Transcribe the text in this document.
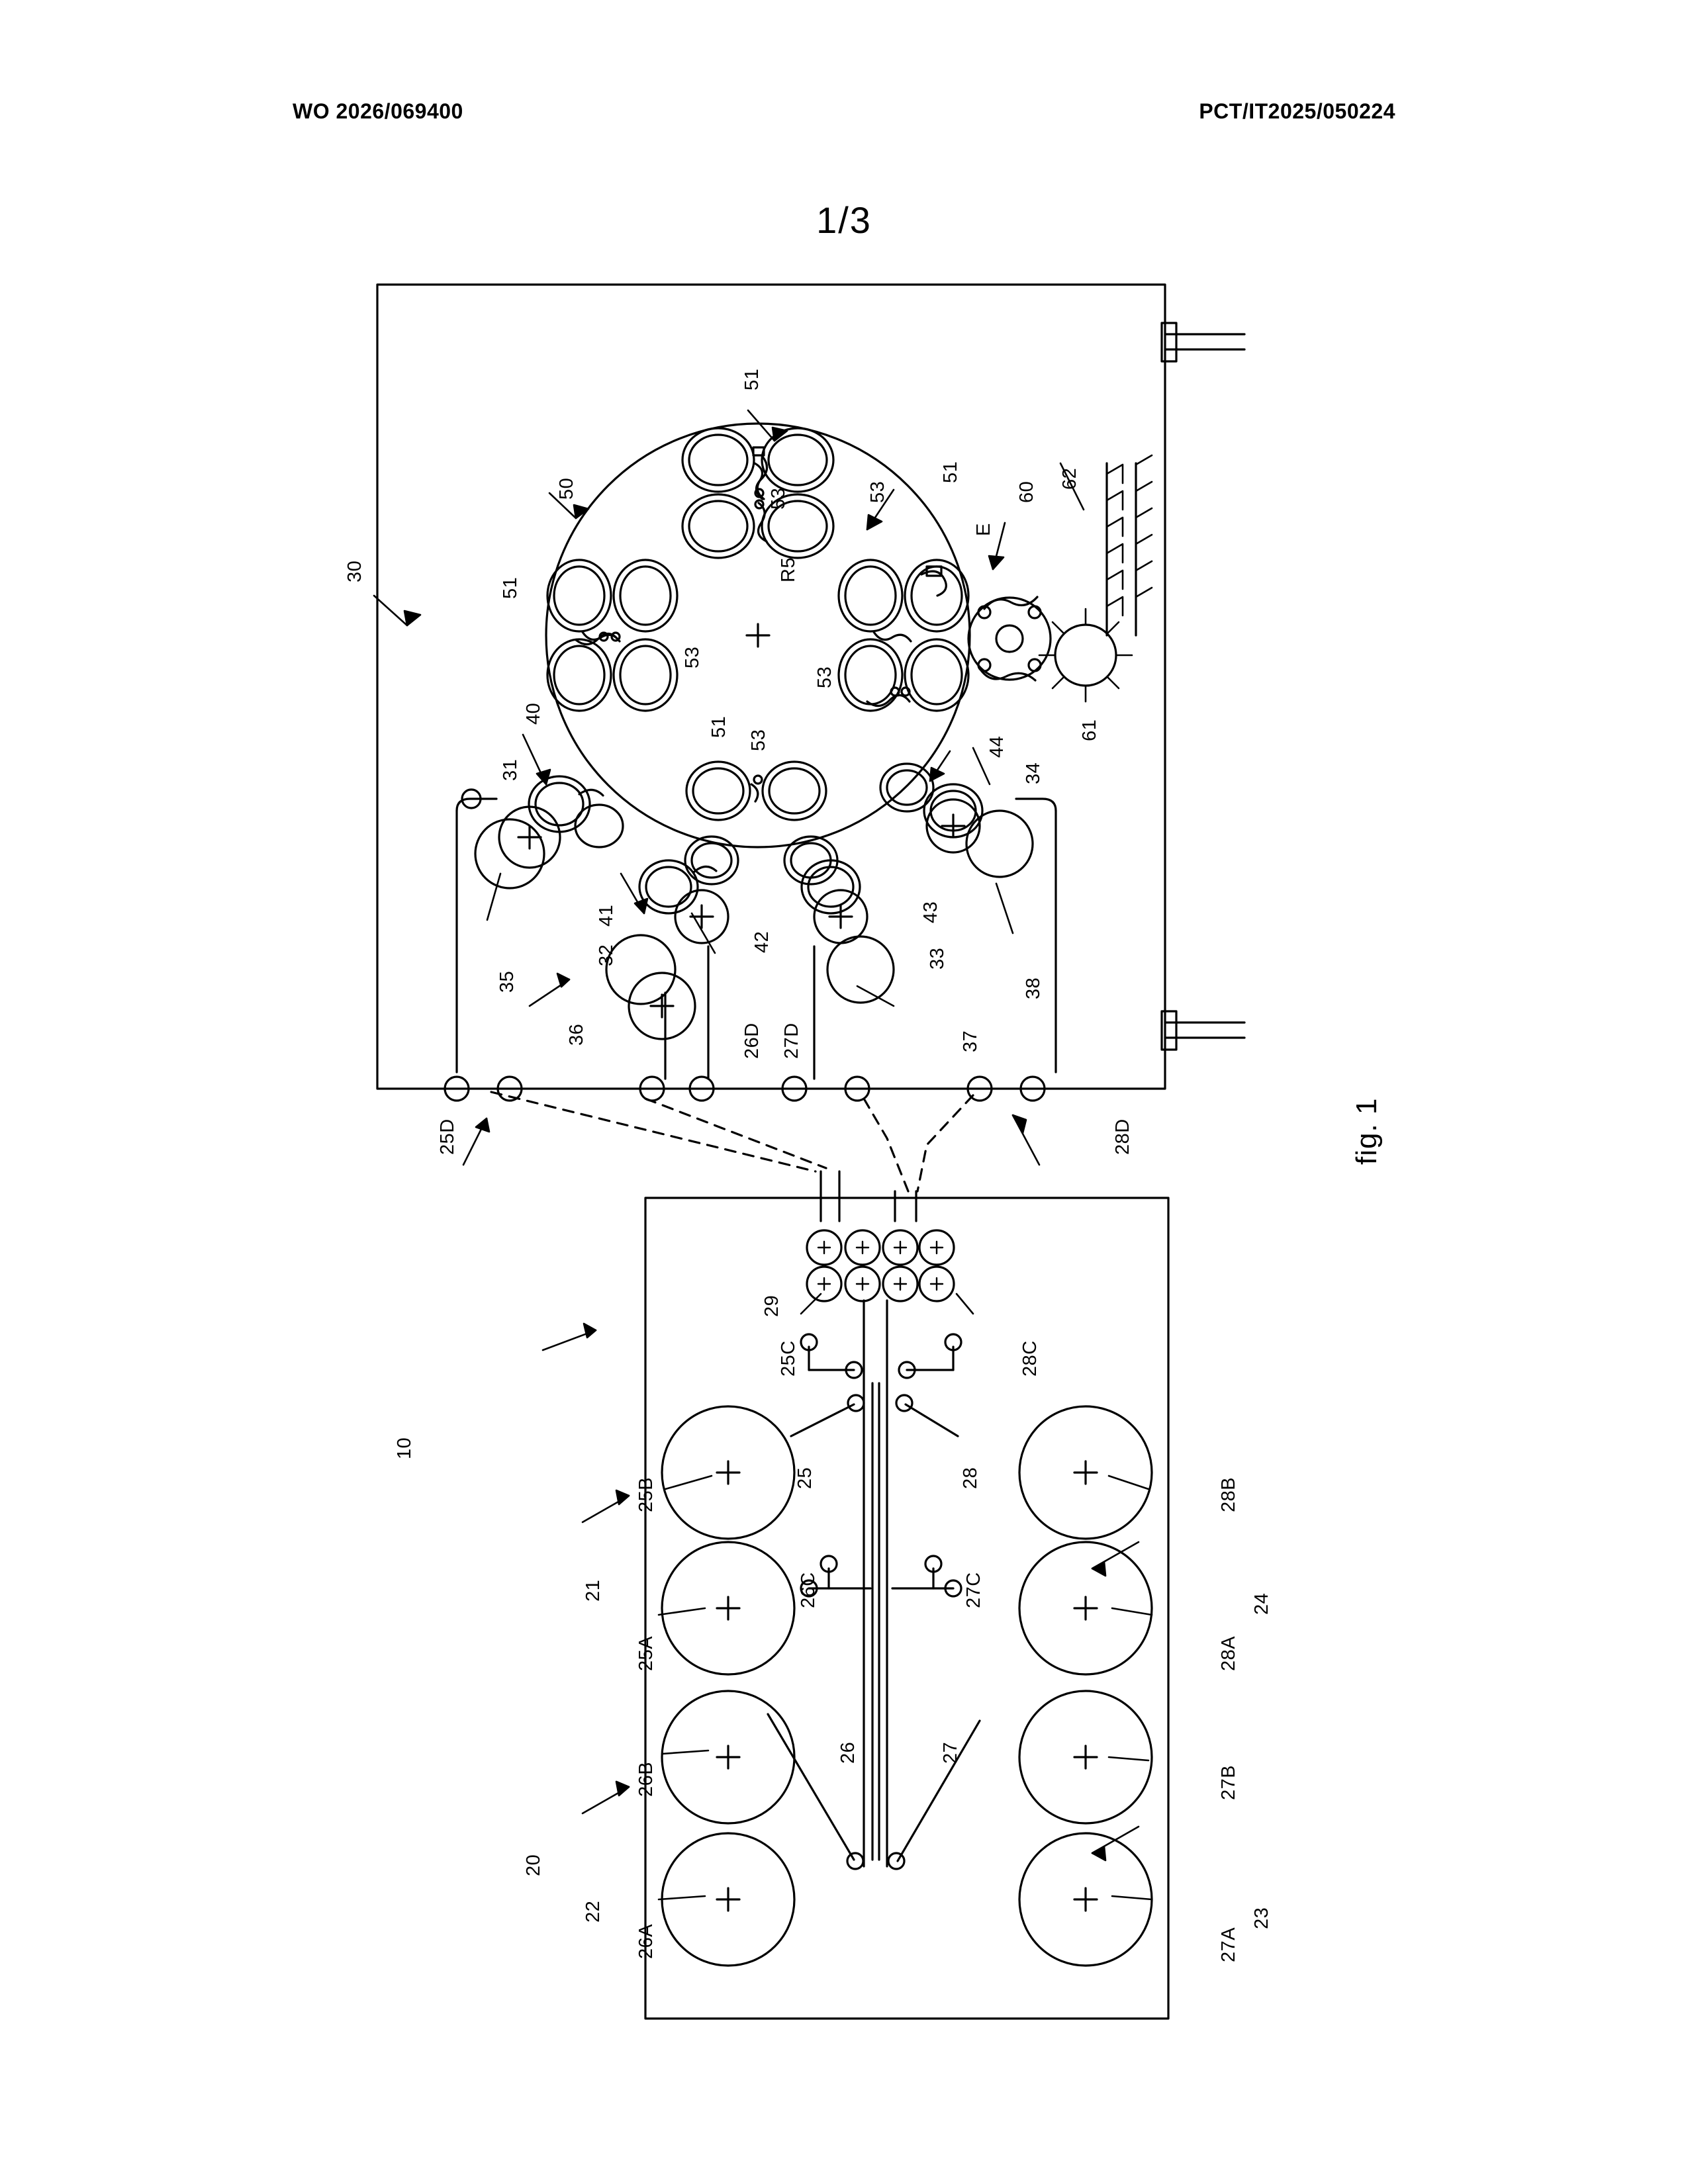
WO 2026/069400	PCT/IT2025/050224
1/3
fig. 1
30
31
32	33
34
35
36	37
38
40
41
42
43
44
50
51
51
51
51
53
53
53
53
53
R5
E
60
61
62
25D
26D 27D
28D
10
20
21
22	23
24
25
26	27
28
29
25A
25B
25C
26A
26B
26C
27A
27B
27C
28A
28B
28C
